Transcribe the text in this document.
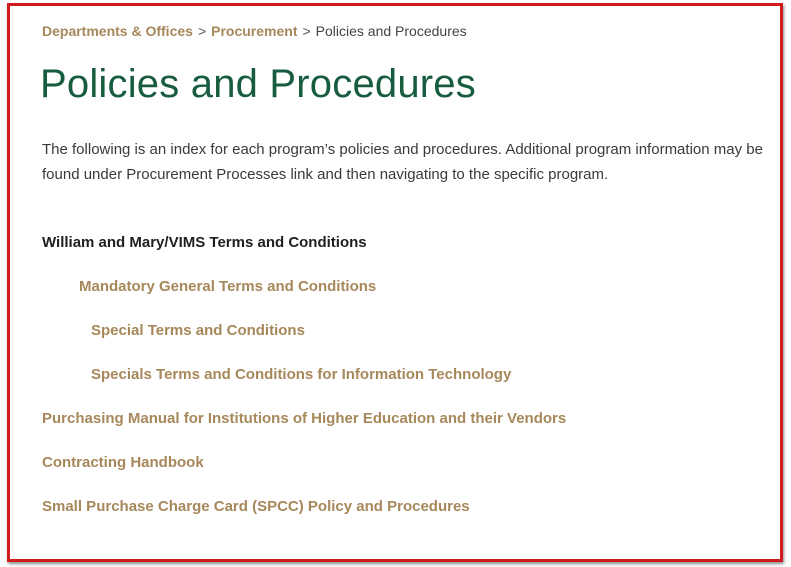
Departments & Offices > Procurement > Policies and Procedures
Policies and Procedures

The following is an index for each program’s policies and procedures. Additional program information may be found under Procurement Processes link and then navigating to the specific program.

William and Mary/VIMS Terms and Conditions
Mandatory General Terms and Conditions
Special Terms and Conditions
Specials Terms and Conditions for Information Technology
Purchasing Manual for Institutions of Higher Education and their Vendors
Contracting Handbook
Small Purchase Charge Card (SPCC) Policy and Procedures
